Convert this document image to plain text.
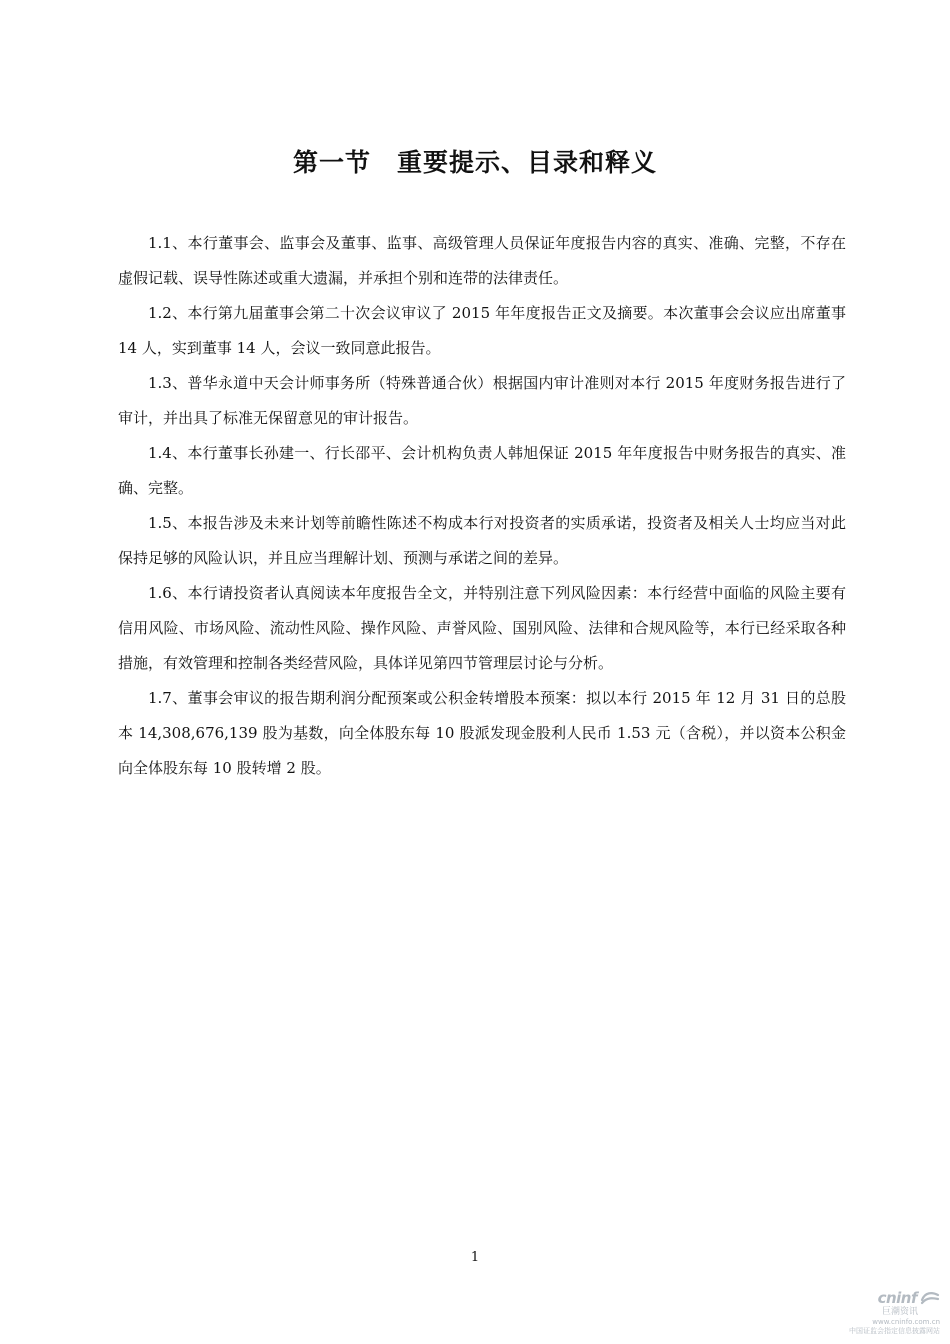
第一节 重要提示、目录和释义

1.1、本行董事会、监事会及董事、监事、高级管理人员保证年度报告内容的真实、准确、完整，不存在虚假记载、误导性陈述或重大遗漏，并承担个别和连带的法律责任。

1.2、本行第九届董事会第二十次会议审议了 2015 年年度报告正文及摘要。本次董事会会议应出席董事 14 人，实到董事 14 人，会议一致同意此报告。

1.3、普华永道中天会计师事务所（特殊普通合伙）根据国内审计准则对本行 2015 年度财务报告进行了审计，并出具了标准无保留意见的审计报告。

1.4、本行董事长孙建一、行长邵平、会计机构负责人韩旭保证 2015 年年度报告中财务报告的真实、准确、完整。

1.5、本报告涉及未来计划等前瞻性陈述不构成本行对投资者的实质承诺，投资者及相关人士均应当对此保持足够的风险认识，并且应当理解计划、预测与承诺之间的差异。

1.6、本行请投资者认真阅读本年度报告全文，并特别注意下列风险因素：本行经营中面临的风险主要有信用风险、市场风险、流动性风险、操作风险、声誉风险、国别风险、法律和合规风险等，本行已经采取各种措施，有效管理和控制各类经营风险，具体详见第四节管理层讨论与分析。

1.7、董事会审议的报告期利润分配预案或公积金转增股本预案：拟以本行 2015 年 12 月 31 日的总股本 14,308,676,139 股为基数，向全体股东每 10 股派发现金股利人民币 1.53 元（含税），并以资本公积金向全体股东每 10 股转增 2 股。

1

cninf
巨潮资讯
www.cninfo.com.cn
中国证监会指定信息披露网站
